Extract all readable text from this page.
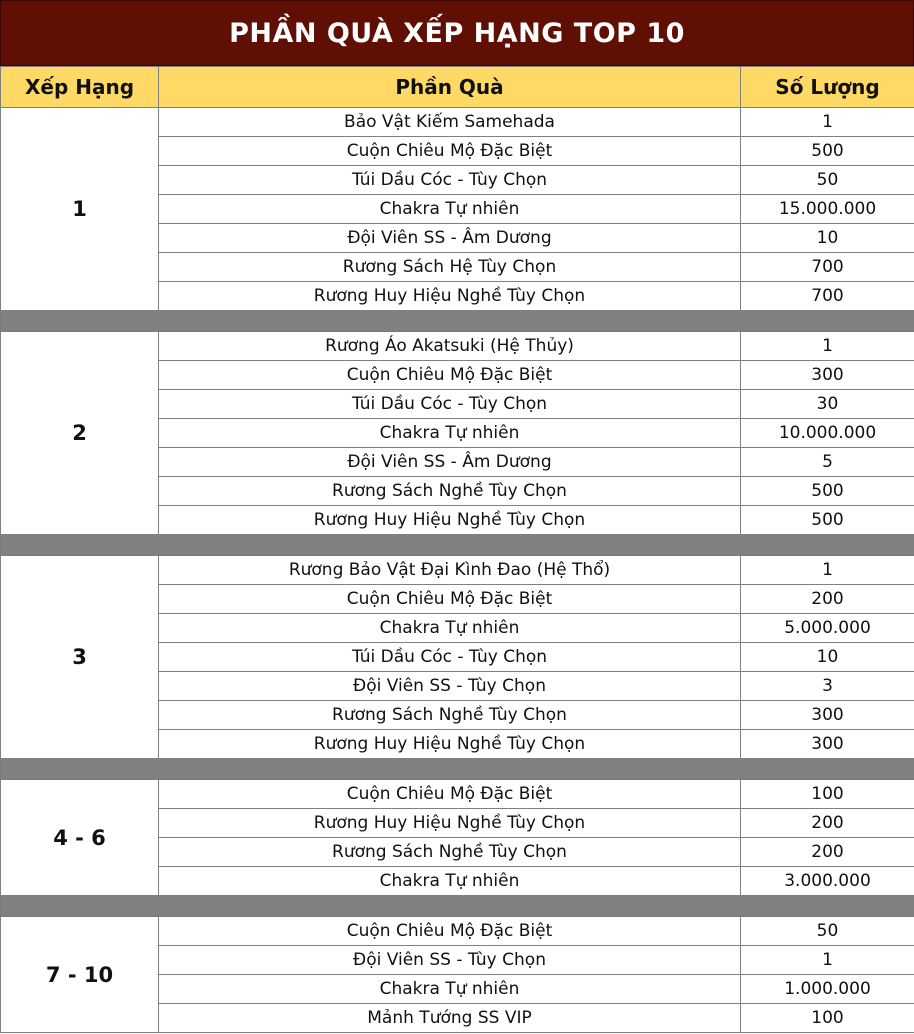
PHẦN QUÀ XẾP HẠNG TOP 10
Xếp Hạng	Phần Quà	Số Lượng
1	Bảo Vật Kiếm Samehada	1
	Cuộn Chiêu Mộ Đặc Biệt	500
	Túi Dầu Cóc - Tùy Chọn	50
	Chakra Tự nhiên	15.000.000
	Đội Viên SS - Âm Dương	10
	Rương Sách Hệ Tùy Chọn	700
	Rương Huy Hiệu Nghề Tùy Chọn	700

2	Rương Áo Akatsuki (Hệ Thủy)	1
	Cuộn Chiêu Mộ Đặc Biệt	300
	Túi Dầu Cóc - Tùy Chọn	30
	Chakra Tự nhiên	10.000.000
	Đội Viên SS - Âm Dương	5
	Rương Sách Nghề Tùy Chọn	500
	Rương Huy Hiệu Nghề Tùy Chọn	500

3	Rương Bảo Vật Đại Kình Đao (Hệ Thổ)	1
	Cuộn Chiêu Mộ Đặc Biệt	200
	Chakra Tự nhiên	5.000.000
	Túi Dầu Cóc - Tùy Chọn	10
	Đội Viên SS - Tùy Chọn	3
	Rương Sách Nghề Tùy Chọn	300
	Rương Huy Hiệu Nghề Tùy Chọn	300

4 - 6	Cuộn Chiêu Mộ Đặc Biệt	100
	Rương Huy Hiệu Nghề Tùy Chọn	200
	Rương Sách Nghề Tùy Chọn	200
	Chakra Tự nhiên	3.000.000

7 - 10	Cuộn Chiêu Mộ Đặc Biệt	50
	Đội Viên SS - Tùy Chọn	1
	Chakra Tự nhiên	1.000.000
	Mảnh Tướng SS VIP	100
